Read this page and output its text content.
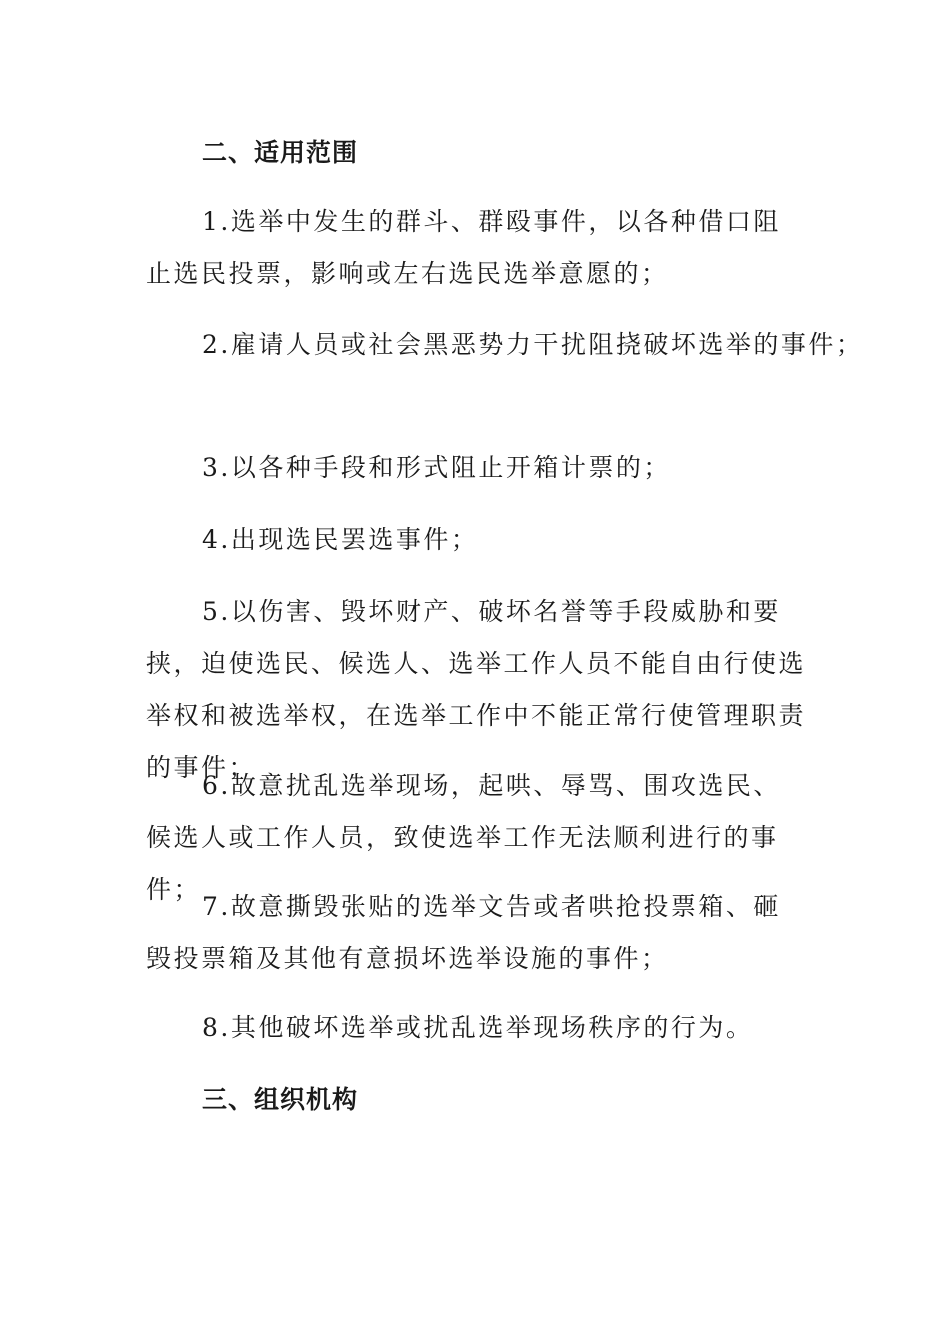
二、适用范围
1.选举中发生的群斗、群殴事件，以各种借口阻止选民投票，影响或左右选民选举意愿的；
2.雇请人员或社会黑恶势力干扰阻挠破坏选举的事件；
3.以各种手段和形式阻止开箱计票的；
4.出现选民罢选事件；
5.以伤害、毁坏财产、破坏名誉等手段威胁和要挟，迫使选民、候选人、选举工作人员不能自由行使选举权和被选举权，在选举工作中不能正常行使管理职责的事件；
6.故意扰乱选举现场，起哄、辱骂、围攻选民、候选人或工作人员，致使选举工作无法顺利进行的事件；
7.故意撕毁张贴的选举文告或者哄抢投票箱、砸毁投票箱及其他有意损坏选举设施的事件；
8.其他破坏选举或扰乱选举现场秩序的行为。
三、组织机构
